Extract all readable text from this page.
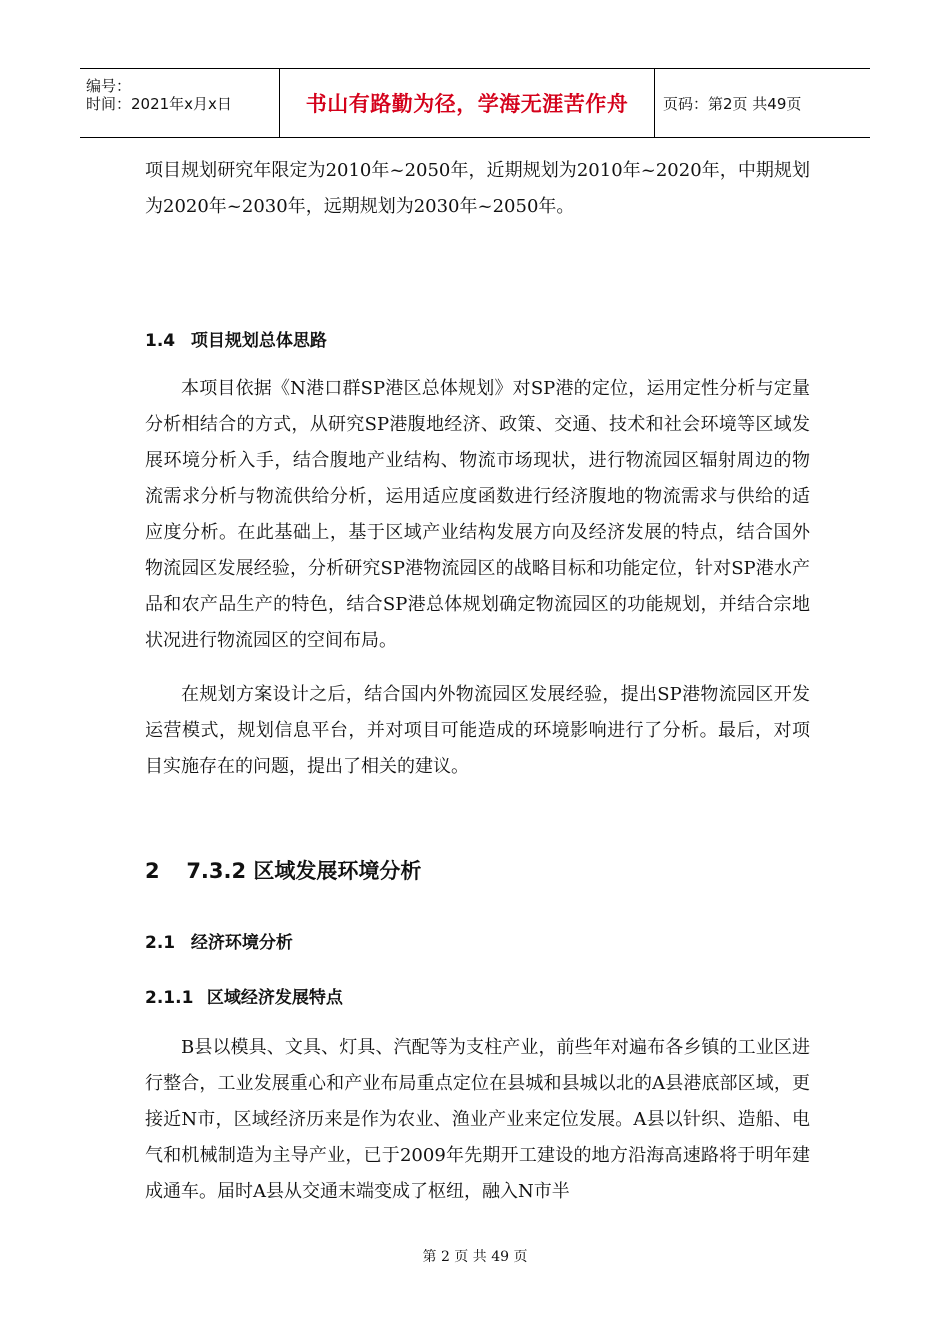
编号：
时间：2021年x月x日	书山有路勤为径，学海无涯苦作舟 页码：第2页 共49页
项目规划研究年限定为2010年~2050年，近期规划为2010年~2020年，中期规划为2020年~2030年，远期规划为2030年~2050年。
1.4 项目规划总体思路
本项目依据《N港口群SP港区总体规划》对SP港的定位，运用定性分析与定量分析相结合的方式，从研究SP港腹地经济、政策、交通、技术和社会环境等区域发展环境分析入手，结合腹地产业结构、物流市场现状，进行物流园区辐射周边的物流需求分析与物流供给分析，运用适应度函数进行经济腹地的物流需求与供给的适应度分析。在此基础上，基于区域产业结构发展方向及经济发展的特点，结合国外物流园区发展经验，分析研究SP港物流园区的战略目标和功能定位，针对SP港水产品和农产品生产的特色，结合SP港总体规划确定物流园区的功能规划，并结合宗地状况进行物流园区的空间布局。
在规划方案设计之后，结合国内外物流园区发展经验，提出SP港物流园区开发运营模式，规划信息平台，并对项目可能造成的环境影响进行了分析。最后，对项目实施存在的问题，提出了相关的建议。
2 7.3.2 区域发展环境分析
2.1 经济环境分析
2.1.1 区域经济发展特点
B县以模具、文具、灯具、汽配等为支柱产业，前些年对遍布各乡镇的工业区进行整合，工业发展重心和产业布局重点定位在县城和县城以北的A县港底部区域，更接近N市，区域经济历来是作为农业、渔业产业来定位发展。A县以针织、造船、电气和机械制造为主导产业，已于2009年先期开工建设的地方沿海高速路将于明年建成通车。届时A县从交通末端变成了枢纽，融入N市半
第 2 页 共 49 页
